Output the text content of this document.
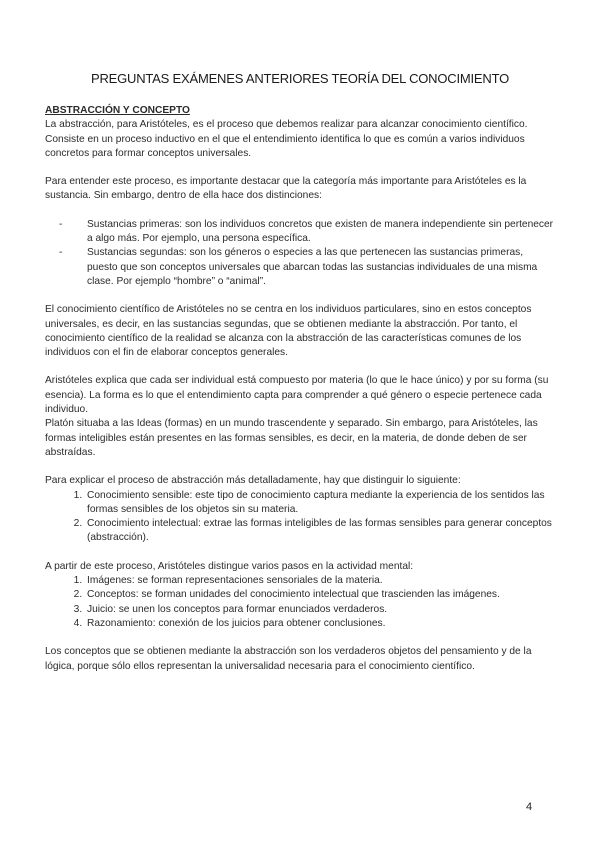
PREGUNTAS EXÁMENES ANTERIORES TEORÍA DEL CONOCIMIENTO

ABSTRACCIÓN Y CONCEPTO

La abstracción, para Aristóteles, es el proceso que debemos realizar para alcanzar conocimiento científico. Consiste en un proceso inductivo en el que el entendimiento identifica lo que es común a varios individuos concretos para formar conceptos universales.

Para entender este proceso, es importante destacar que la categoría más importante para Aristóteles es la sustancia. Sin embargo, dentro de ella hace dos distinciones:

- Sustancias primeras: son los individuos concretos que existen de manera independiente sin pertenecer a algo más. Por ejemplo, una persona específica.
- Sustancias segundas: son los géneros o especies a las que pertenecen las sustancias primeras, puesto que son conceptos universales que abarcan todas las sustancias individuales de una misma clase. Por ejemplo “hombre” o “animal”.

El conocimiento científico de Aristóteles no se centra en los individuos particulares, sino en estos conceptos universales, es decir, en las sustancias segundas, que se obtienen mediante la abstracción. Por tanto, el conocimiento científico de la realidad se alcanza con la abstracción de las características comunes de los individuos con el fin de elaborar conceptos generales.

Aristóteles explica que cada ser individual está compuesto por materia (lo que le hace único) y por su forma (su esencia). La forma es lo que el entendimiento capta para comprender a qué género o especie pertenece cada individuo.

Platón situaba a las Ideas (formas) en un mundo trascendente y separado. Sin embargo, para Aristóteles, las formas inteligibles están presentes en las formas sensibles, es decir, en la materia, de donde deben de ser abstraídas.

Para explicar el proceso de abstracción más detalladamente, hay que distinguir lo siguiente:

1. Conocimiento sensible: este tipo de conocimiento captura mediante la experiencia de los sentidos las formas sensibles de los objetos sin su materia.
2. Conocimiento intelectual: extrae las formas inteligibles de las formas sensibles para generar conceptos (abstracción).

A partir de este proceso, Aristóteles distingue varios pasos en la actividad mental:

1. Imágenes: se forman representaciones sensoriales de la materia.
2. Conceptos: se forman unidades del conocimiento intelectual que trascienden las imágenes.
3. Juicio: se unen los conceptos para formar enunciados verdaderos.
4. Razonamiento: conexión de los juicios para obtener conclusiones.

Los conceptos que se obtienen mediante la abstracción son los verdaderos objetos del pensamiento y de la lógica, porque sólo ellos representan la universalidad necesaria para el conocimiento científico.

4
